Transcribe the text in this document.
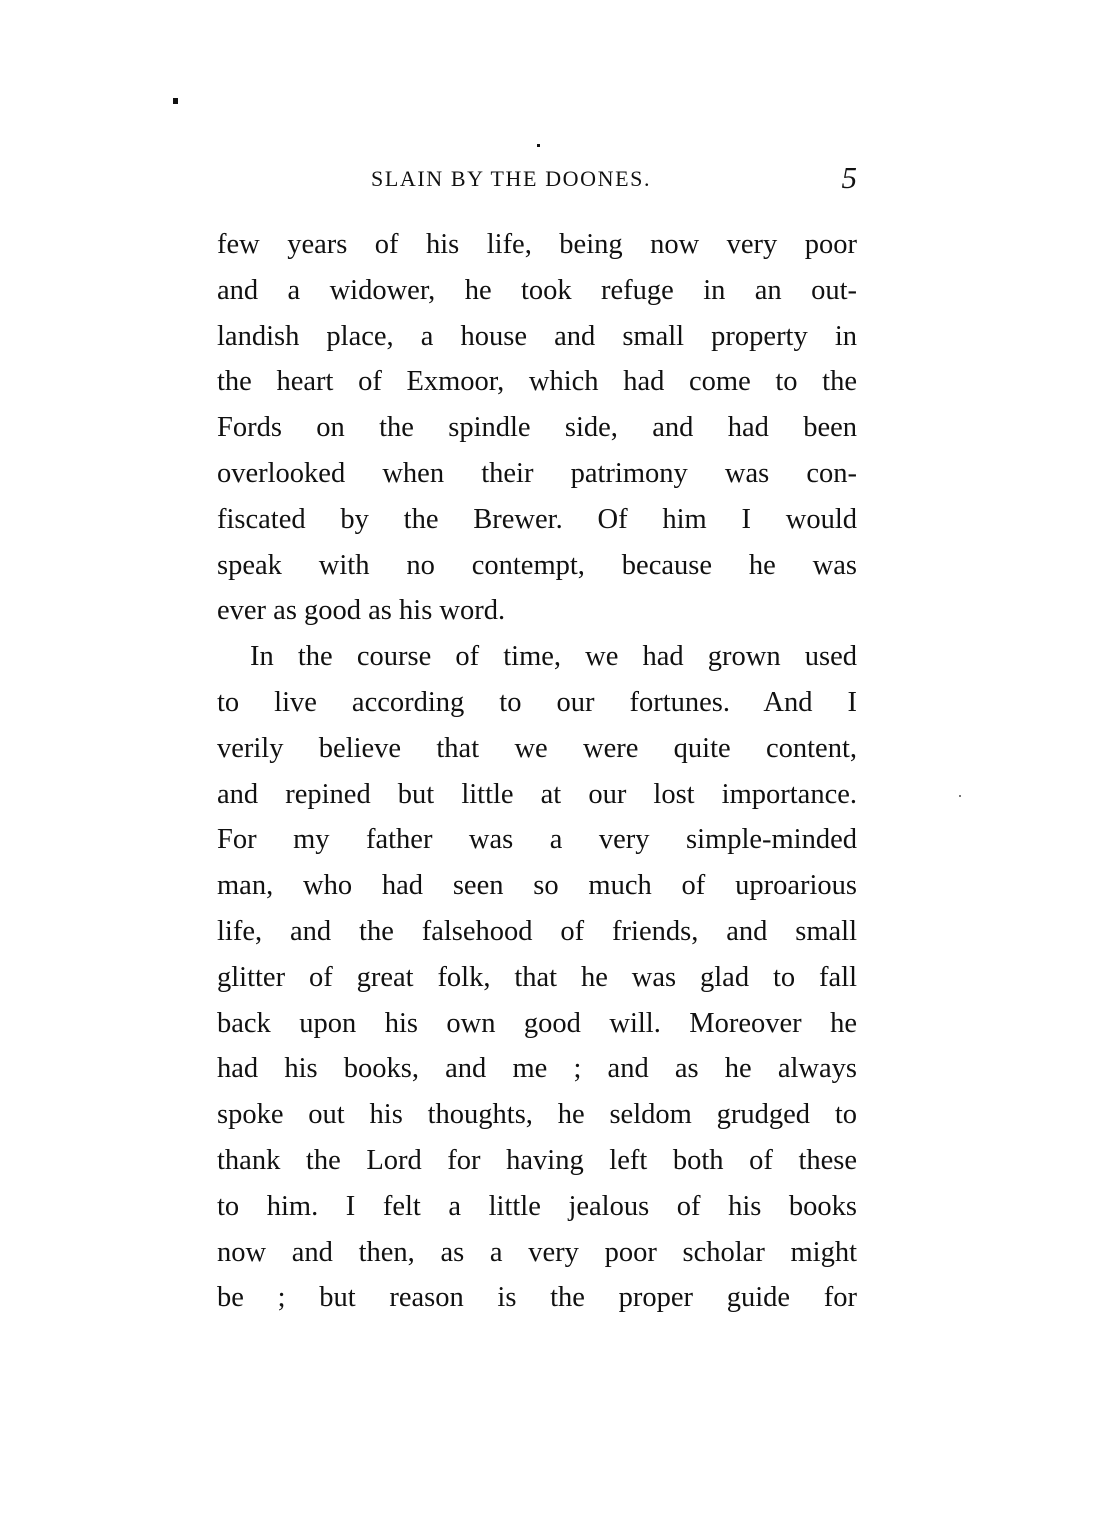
SLAIN BY THE DOONES.	5
few years of his life, being now very poor
and a widower, he took refuge in an out-
landish place, a house and small property in
the heart of Exmoor, which had come to the
Fords on the spindle side, and had been
overlooked when their patrimony was con-
fiscated by the Brewer. Of him I would
speak with no contempt, because he was
ever as good as his word.
In the course of time, we had grown used
to live according to our fortunes. And I
verily believe that we were quite content,
and repined but little at our lost importance.
For my father was a very simple-minded
man, who had seen so much of uproarious
life, and the falsehood of friends, and small
glitter of great folk, that he was glad to fall
back upon his own good will. Moreover he
had his books, and me ; and as he always
spoke out his thoughts, he seldom grudged to
thank the Lord for having left both of these
to him. I felt a little jealous of his books
now and then, as a very poor scholar might
be ; but reason is the proper guide for
